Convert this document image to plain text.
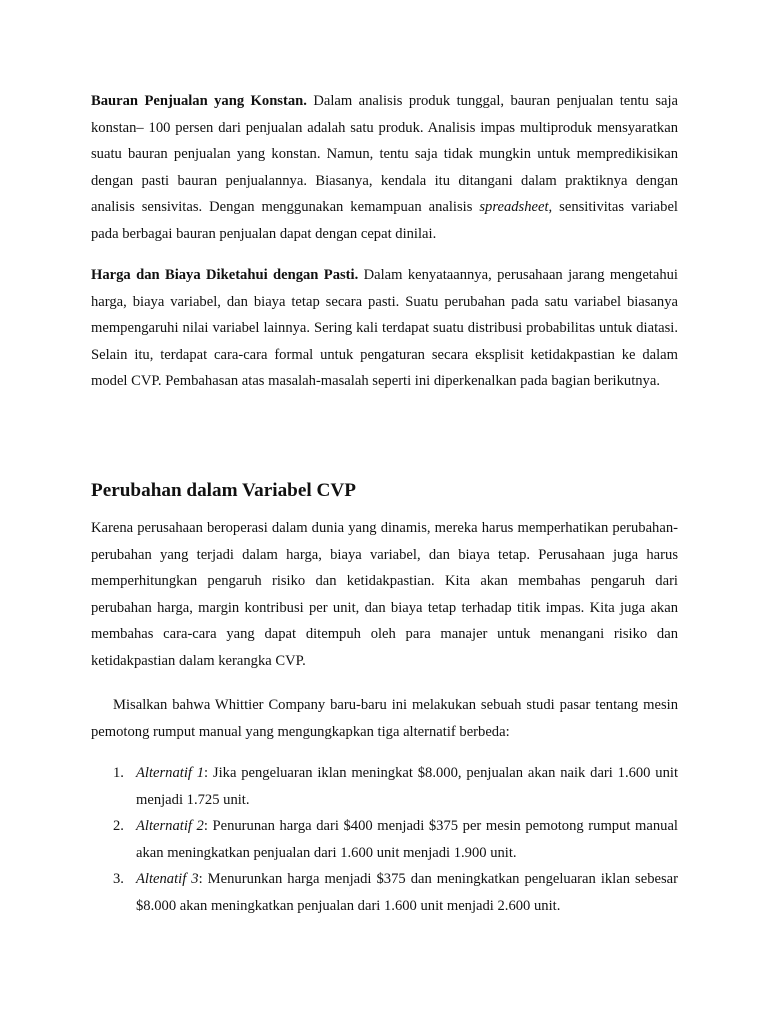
Bauran Penjualan yang Konstan. Dalam analisis produk tunggal, bauran penjualan tentu saja konstan– 100 persen dari penjualan adalah satu produk. Analisis impas multiproduk mensyaratkan suatu bauran penjualan yang konstan. Namun, tentu saja tidak mungkin untuk mempredikisikan dengan pasti bauran penjualannya. Biasanya, kendala itu ditangani dalam praktiknya dengan analisis sensivitas. Dengan menggunakan kemampuan analisis spreadsheet, sensitivitas variabel pada berbagai bauran penjualan dapat dengan cepat dinilai.

Harga dan Biaya Diketahui dengan Pasti. Dalam kenyataannya, perusahaan jarang mengetahui harga, biaya variabel, dan biaya tetap secara pasti. Suatu perubahan pada satu variabel biasanya mempengaruhi nilai variabel lainnya. Sering kali terdapat suatu distribusi probabilitas untuk diatasi. Selain itu, terdapat cara-cara formal untuk pengaturan secara eksplisit ketidakpastian ke dalam model CVP. Pembahasan atas masalah-masalah seperti ini diperkenalkan pada bagian berikutnya.

Perubahan dalam Variabel CVP

Karena perusahaan beroperasi dalam dunia yang dinamis, mereka harus memperhatikan perubahan-perubahan yang terjadi dalam harga, biaya variabel, dan biaya tetap. Perusahaan juga harus memperhitungkan pengaruh risiko dan ketidakpastian. Kita akan membahas pengaruh dari perubahan harga, margin kontribusi per unit, dan biaya tetap terhadap titik impas. Kita juga akan membahas cara-cara yang dapat ditempuh oleh para manajer untuk menangani risiko dan ketidakpastian dalam kerangka CVP.

Misalkan bahwa Whittier Company baru-baru ini melakukan sebuah studi pasar tentang mesin pemotong rumput manual yang mengungkapkan tiga alternatif berbeda:

1. Alternatif 1: Jika pengeluaran iklan meningkat $8.000, penjualan akan naik dari 1.600 unit menjadi 1.725 unit.
2. Alternatif 2: Penurunan harga dari $400 menjadi $375 per mesin pemotong rumput manual akan meningkatkan penjualan dari 1.600 unit menjadi 1.900 unit.
3. Altenatif 3: Menurunkan harga menjadi $375 dan meningkatkan pengeluaran iklan sebesar $8.000 akan meningkatkan penjualan dari 1.600 unit menjadi 2.600 unit.
